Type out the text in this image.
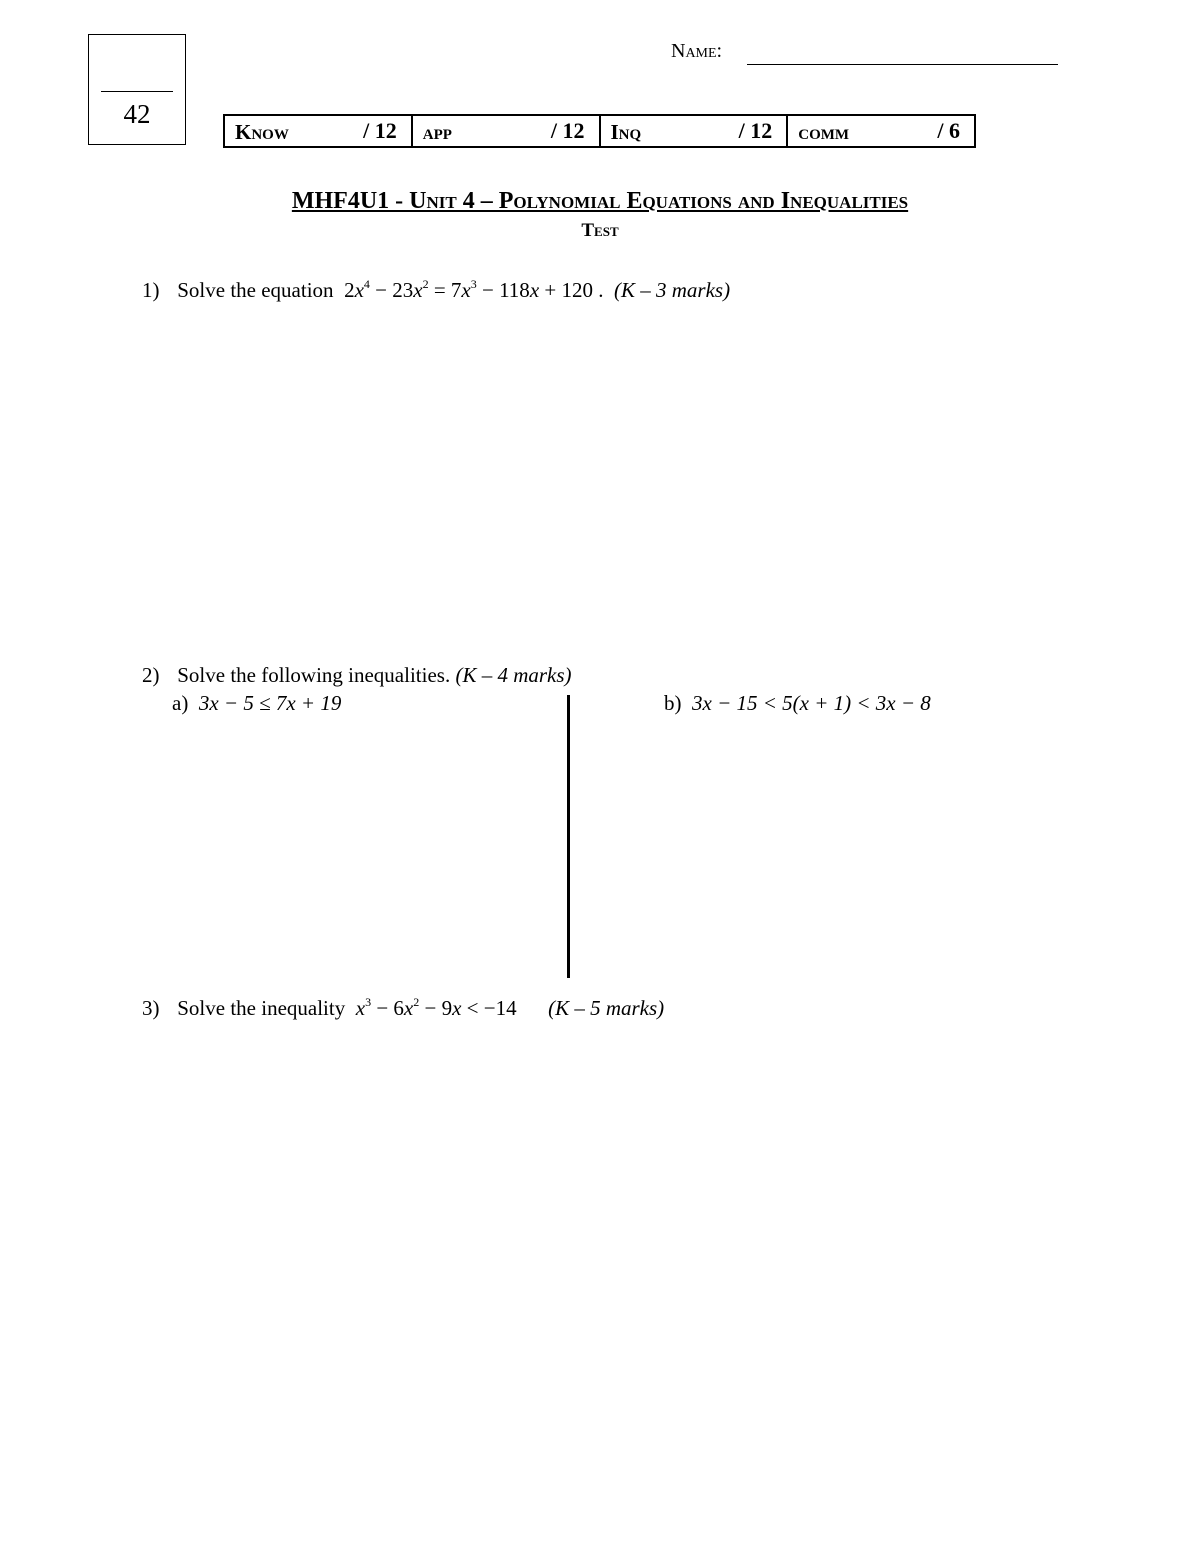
42
Name:
Know	/ 12 app	/ 12 Inq	/ 12 comm	/ 6
MHF4U1 - Unit 4 – Polynomial Equations and Inequalities
Test
1) Solve the equation  $2x^4 - 23x^2 = 7x^3 - 118x + 120$ .  (K – 3 marks)
2) Solve the following inequalities. (K – 4 marks)
a) 3x − 5 ≤ 7x + 19	b) 3x − 15 < 5(x + 1) < 3x − 8
3) Solve the inequality $x^3 - 6x^2 - 9x < -14$      (K – 5 marks)
